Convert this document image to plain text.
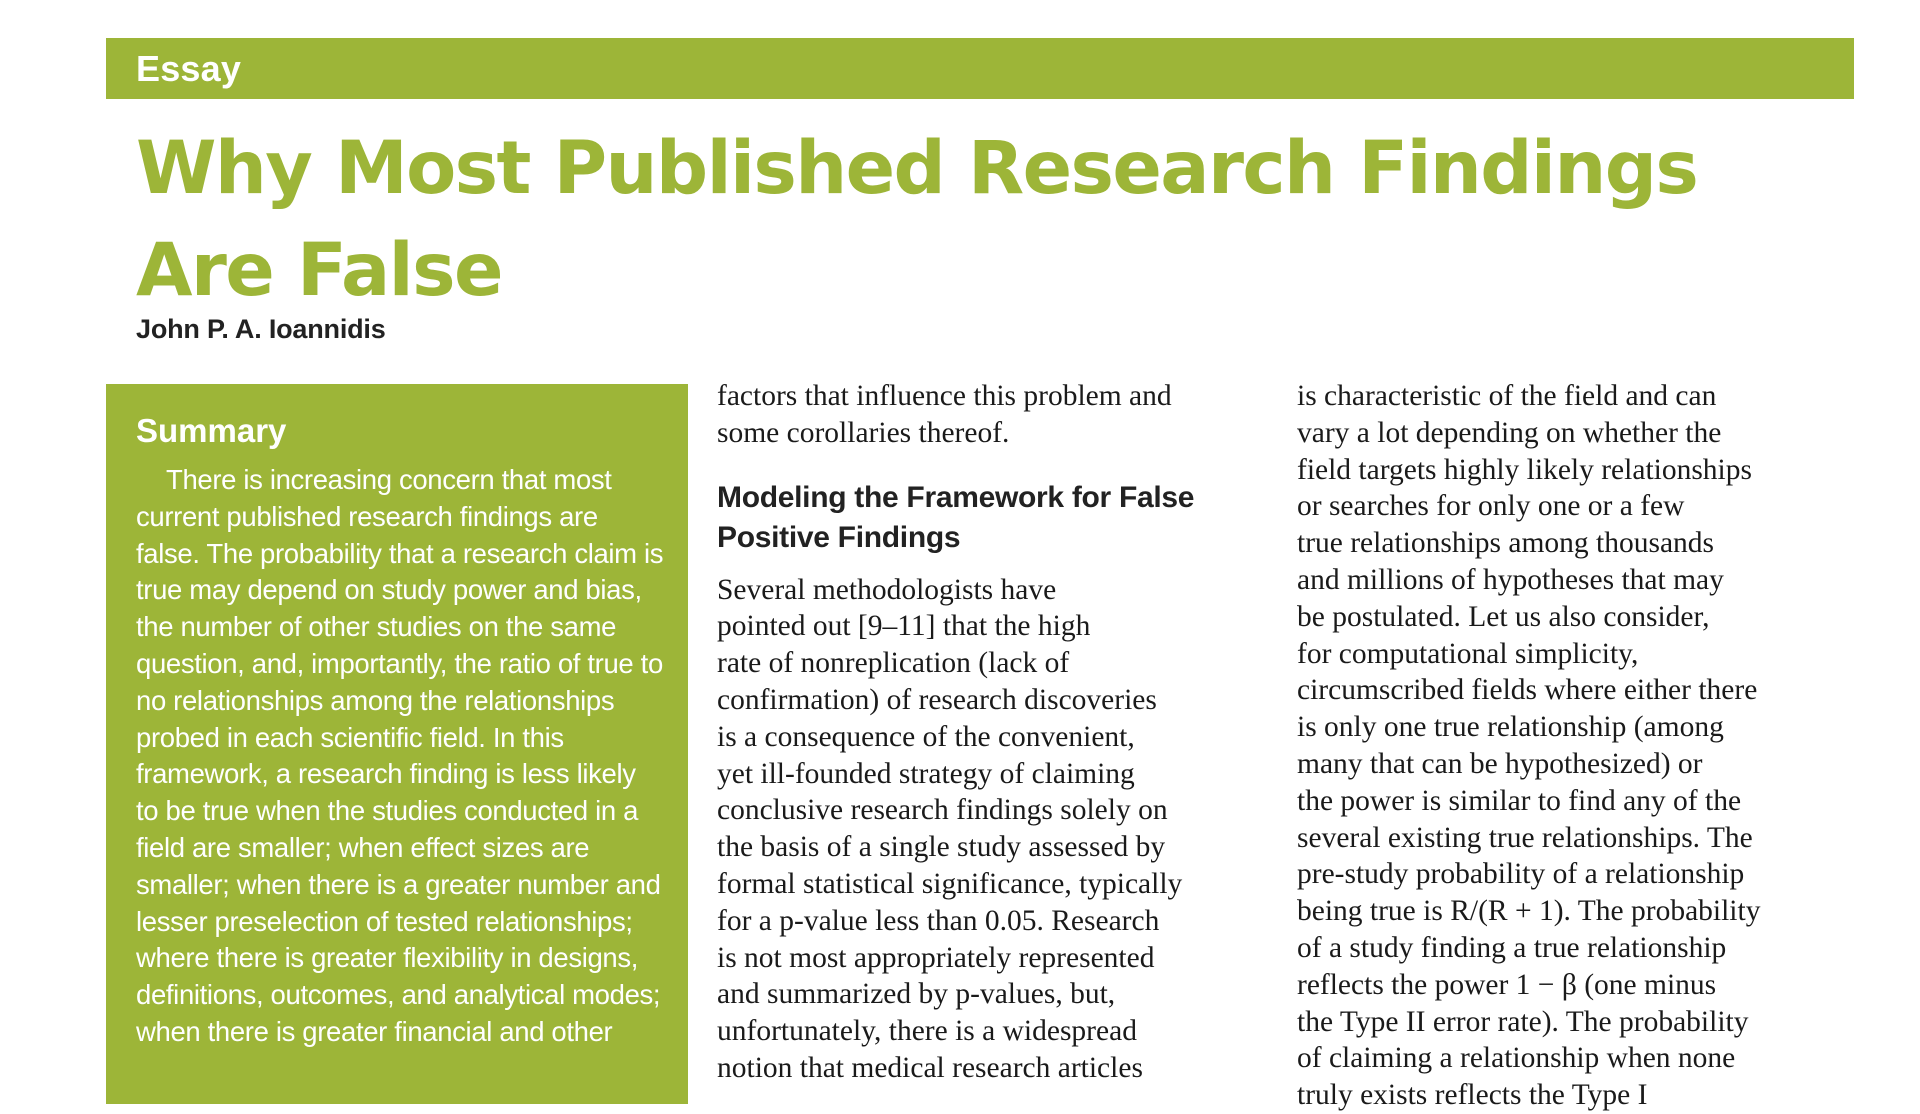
Essay
Why Most Published Research Findings Are False

John P. A. Ioannidis

Summary

There is increasing concern that most current published research findings are false. The probability that a research claim is true may depend on study power and bias, the number of other studies on the same question, and, importantly, the ratio of true to no relationships among the relationships probed in each scientific field. In this framework, a research finding is less likely to be true when the studies conducted in a field are smaller; when effect sizes are smaller; when there is a greater number and lesser preselection of tested relationships; where there is greater flexibility in designs, definitions, outcomes, and analytical modes; when there is greater financial and other

factors that influence this problem and
some corollaries thereof.
Modeling the Framework for False Positive Findings
Several methodologists have
pointed out [9–11] that the high
rate of nonreplication (lack of
confirmation) of research discoveries
is a consequence of the convenient,
yet ill-founded strategy of claiming
conclusive research findings solely on
the basis of a single study assessed by
formal statistical significance, typically
for a p-value less than 0.05. Research
is not most appropriately represented
and summarized by p-values, but,
unfortunately, there is a widespread
notion that medical research articles
is characteristic of the field and can
vary a lot depending on whether the
field targets highly likely relationships
or searches for only one or a few
true relationships among thousands
and millions of hypotheses that may
be postulated. Let us also consider,
for computational simplicity,
circumscribed fields where either there
is only one true relationship (among
many that can be hypothesized) or
the power is similar to find any of the
several existing true relationships. The
pre-study probability of a relationship
being true is R/(R + 1). The probability
of a study finding a true relationship
reflects the power 1 − β (one minus
the Type II error rate). The probability
of claiming a relationship when none
truly exists reflects the Type I
